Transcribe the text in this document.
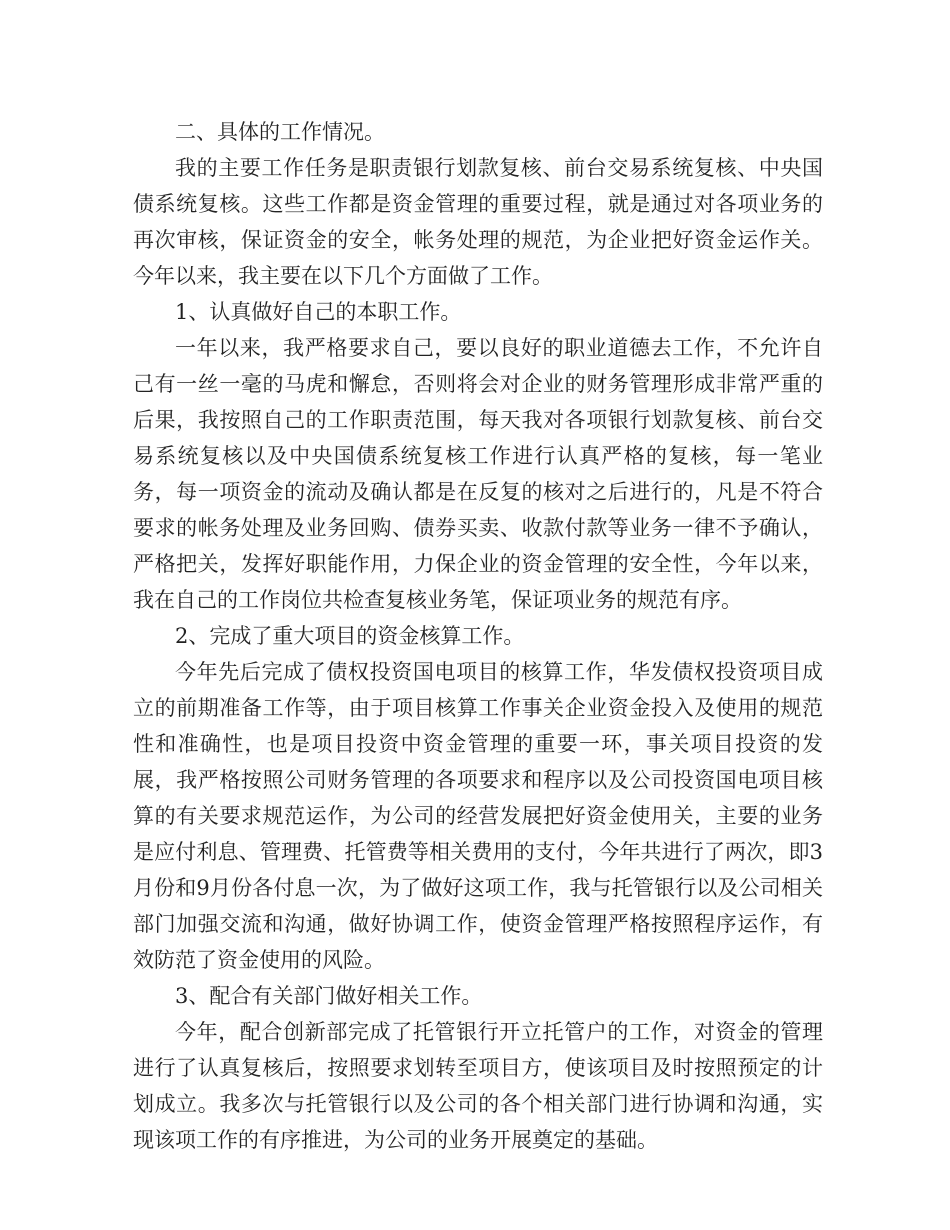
二、具体的工作情况。

我的主要工作任务是职责银行划款复核、前台交易系统复核、中央国债系统复核。这些工作都是资金管理的重要过程，就是通过对各项业务的再次审核，保证资金的安全，帐务处理的规范，为企业把好资金运作关。今年以来，我主要在以下几个方面做了工作。

1、认真做好自己的本职工作。

一年以来，我严格要求自己，要以良好的职业道德去工作，不允许自己有一丝一毫的马虎和懈怠，否则将会对企业的财务管理形成非常严重的后果，我按照自己的工作职责范围，每天我对各项银行划款复核、前台交易系统复核以及中央国债系统复核工作进行认真严格的复核，每一笔业务，每一项资金的流动及确认都是在反复的核对之后进行的，凡是不符合要求的帐务处理及业务回购、债券买卖、收款付款等业务一律不予确认，严格把关，发挥好职能作用，力保企业的资金管理的安全性，今年以来，我在自己的工作岗位共检查复核业务笔，保证项业务的规范有序。

2、完成了重大项目的资金核算工作。

今年先后完成了债权投资国电项目的核算工作，华发债权投资项目成立的前期准备工作等，由于项目核算工作事关企业资金投入及使用的规范性和准确性，也是项目投资中资金管理的重要一环，事关项目投资的发展，我严格按照公司财务管理的各项要求和程序以及公司投资国电项目核算的有关要求规范运作，为公司的经营发展把好资金使用关，主要的业务是应付利息、管理费、托管费等相关费用的支付，今年共进行了两次，即3月份和9月份各付息一次，为了做好这项工作，我与托管银行以及公司相关部门加强交流和沟通，做好协调工作，使资金管理严格按照程序运作，有效防范了资金使用的风险。

3、配合有关部门做好相关工作。

今年，配合创新部完成了托管银行开立托管户的工作，对资金的管理进行了认真复核后，按照要求划转至项目方，使该项目及时按照预定的计划成立。我多次与托管银行以及公司的各个相关部门进行协调和沟通，实现该项工作的有序推进，为公司的业务开展奠定的基础。
